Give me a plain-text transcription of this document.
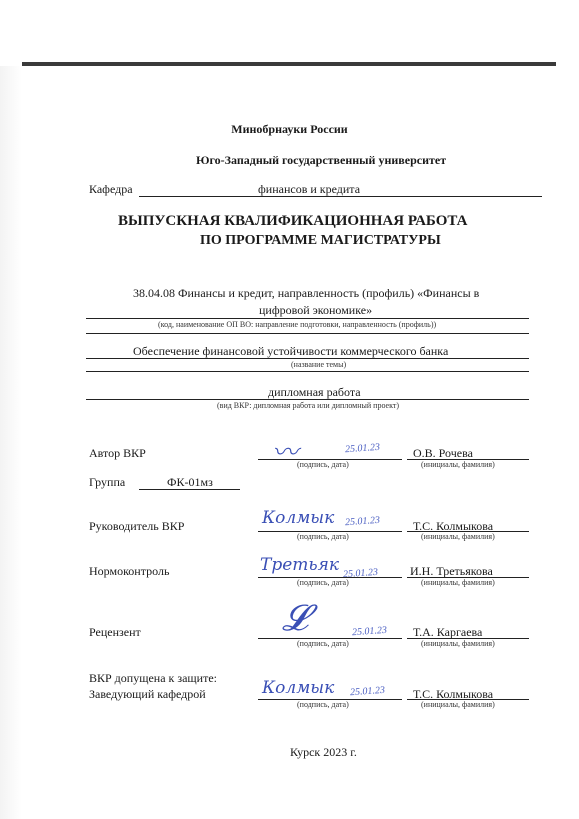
Минобрнауки России
Юго-Западный государственный университет
Кафедра	финансов и кредита
ВЫПУСКНАЯ КВАЛИФИКАЦИОННАЯ РАБОТА
ПО ПРОГРАММЕ МАГИСТРАТУРЫ
38.04.08 Финансы и кредит, направленность (профиль) «Финансы в
цифровой экономике»
(код, наименование ОП ВО: направление подготовки, направленность (профиль))
Обеспечение финансовой устойчивости коммерческого банка
(название темы)
дипломная работа
(вид ВКР: дипломная работа или дипломный проект)
Автор ВКР	〰	25.01.23
(подпись, дата)
О.В. Рочева
(инициалы, фамилия)
Группа	ФК-01мз
Руководитель ВКР	Колмык 25.01.23
(подпись, дата)
Т.С. Колмыкова
(инициалы, фамилия)
Нормоконтроль	Третьяк 25.01.23
(подпись, дата)
И.Н. Третьякова
(инициалы, фамилия)
Рецензент	𝓛	25.01.23
(подпись, дата)
Т.А. Каргаева
(инициалы, фамилия)
ВКР допущена к защите:
Заведующий кафедрой	Колмык 25.01.23
(подпись, дата)
Т.С. Колмыкова
(инициалы, фамилия)
Курск 2023 г.
